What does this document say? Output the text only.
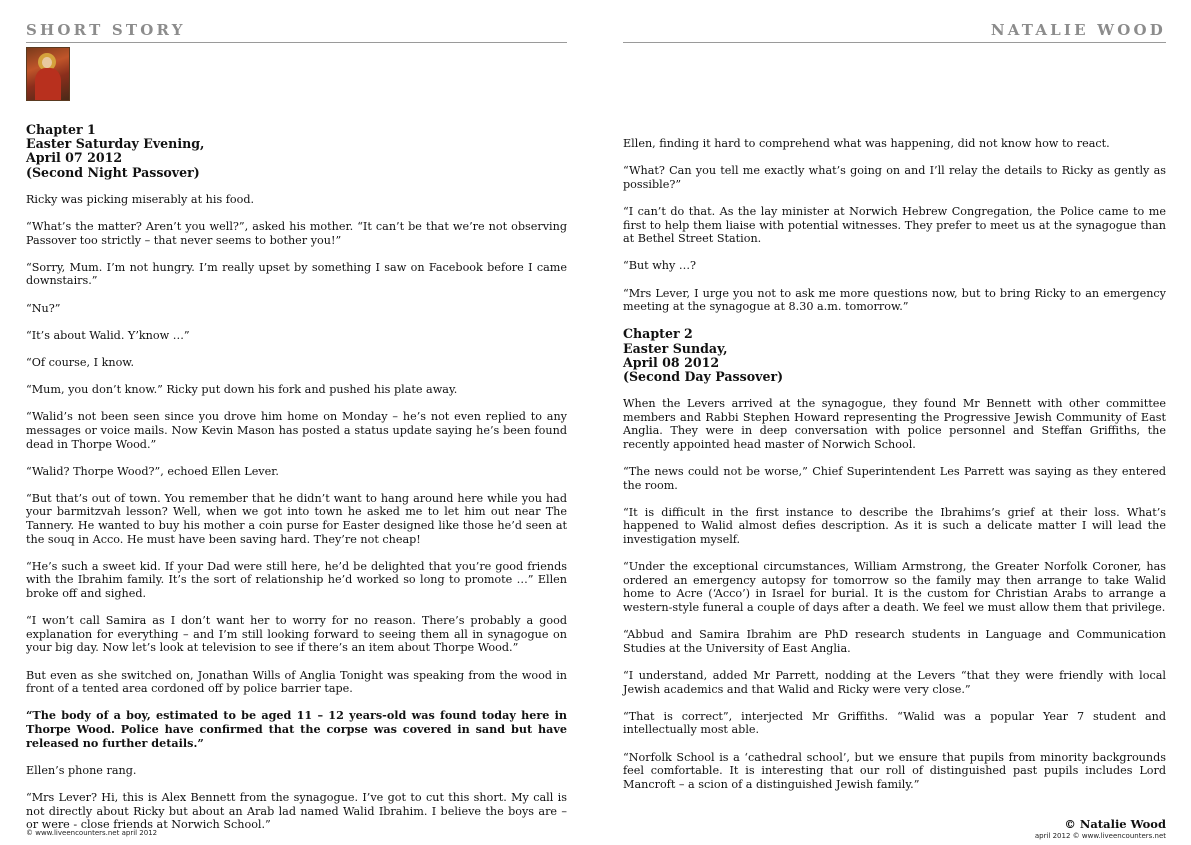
SHORT STORY
Chapter 1
Easter Saturday Evening,
April 07 2012
(Second Night Passover)

Ricky was picking miserably at his food.

“What’s the matter? Aren’t you well?”, asked his mother. “It can’t be that we’re not observing Passover too strictly – that never seems to bother you!”

“Sorry, Mum. I’m not hungry. I’m really upset by something I saw on Facebook before I came downstairs.”

“Nu?”

“It’s about Walid. Y’know …”

“Of course, I know.

“Mum, you don’t know.” Ricky put down his fork and pushed his plate away.

“Walid’s not been seen since you drove him home on Monday – he’s not even replied to any messages or voice mails. Now Kevin Mason has posted a status update saying he’s been found dead in Thorpe Wood.”

“Walid? Thorpe Wood?”, echoed Ellen Lever.

“But that’s out of town. You remember that he didn’t want to hang around here while you had your barmitzvah lesson? Well, when we got into town he asked me to let him out near The Tannery. He wanted to buy his mother a coin purse for Easter designed like those he’d seen at the souq in Acco. He must have been saving hard. They’re not cheap!

“He’s such a sweet kid. If your Dad were still here, he’d be delighted that you’re good friends with the Ibrahim family. It’s the sort of relationship he’d worked so long to promote …” Ellen broke off and sighed.

“I won’t call Samira as I don’t want her to worry for no reason. There’s probably a good explanation for everything – and I’m still looking forward to seeing them all in synagogue on your big day. Now let’s look at television to see if there’s an item about Thorpe Wood.”

But even as she switched on, Jonathan Wills of Anglia Tonight was speaking from the wood in front of a tented area cordoned off by police barrier tape.

“The body of a boy, estimated to be aged 11 – 12 years-old was found today here in Thorpe Wood. Police have confirmed that the corpse was covered in sand but have released no further details.”

Ellen’s phone rang.

“Mrs Lever? Hi, this is Alex Bennett from the synagogue. I’ve got to cut this short. My call is not directly about Ricky but about an Arab lad named Walid Ibrahim. I believe the boys are – or were - close friends at Norwich School.”

© www.liveencounters.net april 2012
NATALIE WOOD

Ellen, finding it hard to comprehend what was happening, did not know how to react.

“What? Can you tell me exactly what’s going on and I’ll relay the details to Ricky as gently as possible?”

“I can’t do that. As the lay minister at Norwich Hebrew Congregation, the Police came to me first to help them liaise with potential witnesses. They prefer to meet us at the synagogue than at Bethel Street Station.

“But why …?

“Mrs Lever, I urge you not to ask me more questions now, but to bring Ricky to an emergency meeting at the synagogue at 8.30 a.m. tomorrow.”

Chapter 2
Easter Sunday,
April 08 2012
(Second Day Passover)

When the Levers arrived at the synagogue, they found Mr Bennett with other committee members and Rabbi Stephen Howard representing the Progressive Jewish Community of East Anglia. They were in deep conversation with police personnel and Steffan Griffiths, the recently appointed head master of Norwich School.

“The news could not be worse,” Chief Superintendent Les Parrett was saying as they entered the room.

“It is difficult in the first instance to describe the Ibrahims’s grief at their loss. What’s happened to Walid almost defies description. As it is such a delicate matter I will lead the investigation myself.

“Under the exceptional circumstances, William Armstrong, the Greater Norfolk Coroner, has ordered an emergency autopsy for tomorrow so the family may then arrange to take Walid home to Acre (‘Acco’) in Israel for burial. It is the custom for Christian Arabs to arrange a western-style funeral a couple of days after a death. We feel we must allow them that privilege.

“Abbud and Samira Ibrahim are PhD research students in Language and Communication Studies at the University of East Anglia.

“I understand, added Mr Parrett, nodding at the Levers “that they were friendly with local Jewish academics and that Walid and Ricky were very close.”

“That is correct”, interjected Mr Griffiths. “Walid was a popular Year 7 student and intellectually most able.

“Norfolk School is a ‘cathedral school’, but we ensure that pupils from minority backgrounds feel comfortable. It is interesting that our roll of distinguished past pupils includes Lord Mancroft – a scion of a distinguished Jewish family.”

© Natalie Wood
april 2012 © www.liveencounters.net
